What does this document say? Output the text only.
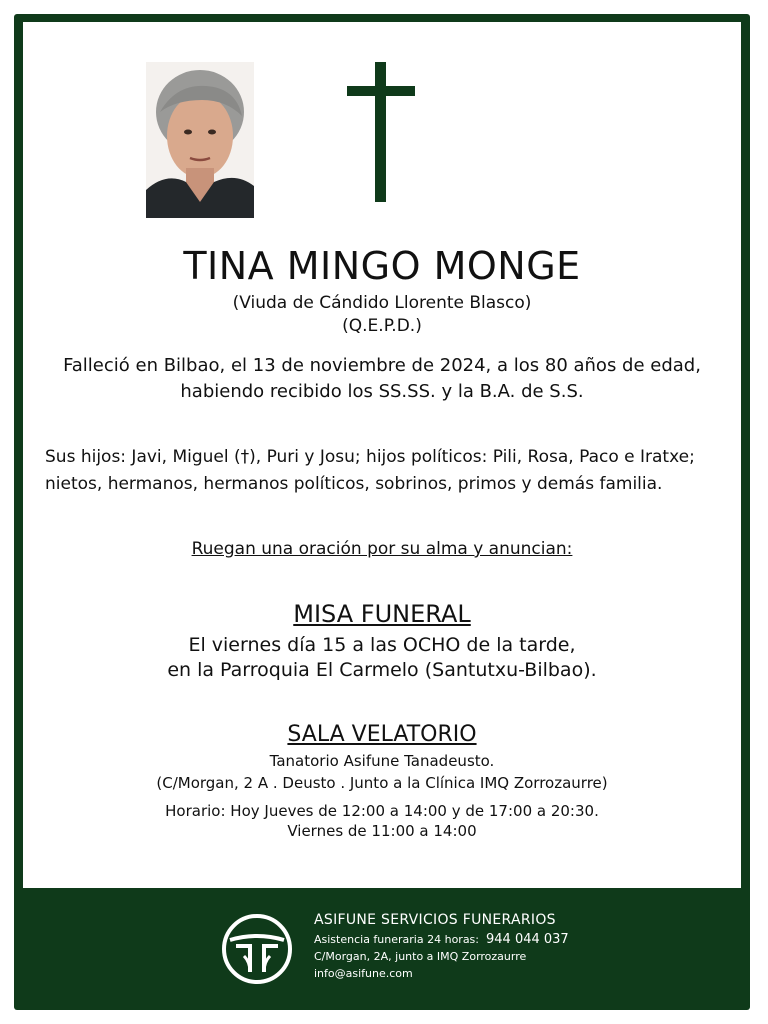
TINA MINGO MONGE
(Viuda de Cándido Llorente Blasco)
(Q.E.P.D.)
Falleció en Bilbao, el 13 de noviembre de 2024, a los 80 años de edad,
habiendo recibido los SS.SS. y la B.A. de S.S.
Sus hijos: Javi, Miguel (†), Puri y Josu; hijos políticos: Pili, Rosa, Paco e Iratxe; nietos, hermanos, hermanos políticos, sobrinos, primos y demás familia.
Ruegan una oración por su alma y anuncian:
MISA FUNERAL
El viernes día 15 a las OCHO de la tarde,
en la Parroquia El Carmelo (Santutxu-Bilbao).
SALA VELATORIO
Tanatorio Asifune Tanadeusto.
(C/Morgan, 2 A . Deusto . Junto a la Clínica IMQ Zorrozaurre)
Horario: Hoy Jueves de 12:00 a 14:00 y de 17:00 a 20:30.
Viernes de 11:00 a 14:00
ASIFUNE SERVICIOS FUNERARIOS
Asistencia funeraria 24 horas: 944 044 037
C/Morgan, 2A, junto a IMQ Zorrozaurre
info@asifune.com
